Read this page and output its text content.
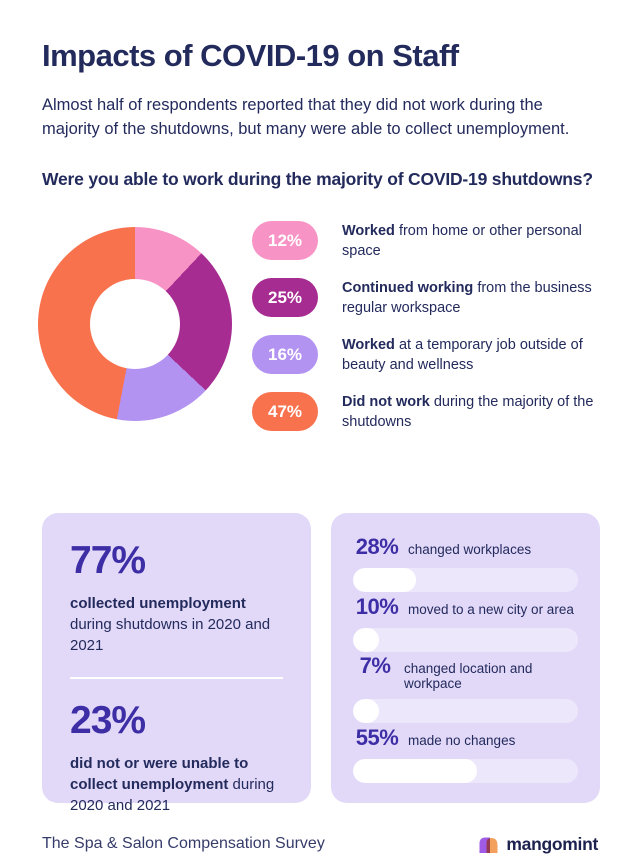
Impacts of COVID-19 on Staff

Almost half of respondents reported that they did not work during the majority of the shutdowns, but many were able to collect unemployment.

Were you able to work during the majority of COVID-19 shutdowns?
12%	Worked from home or other personal space
25%	Continued working from the business regular workspace
16%	Worked at a temporary job outside of beauty and wellness
47%	Did not work during the majority of the shutdowns
77%

collected unemployment during shutdowns in 2020 and 2021

23%

did not or were unable to collect unemployment during 2020 and 2021

28% changed workplaces
10% moved to a new city or area
7%	changed location and workpace
55% made no changes
The Spa & Salon Compensation Survey	mangomint
